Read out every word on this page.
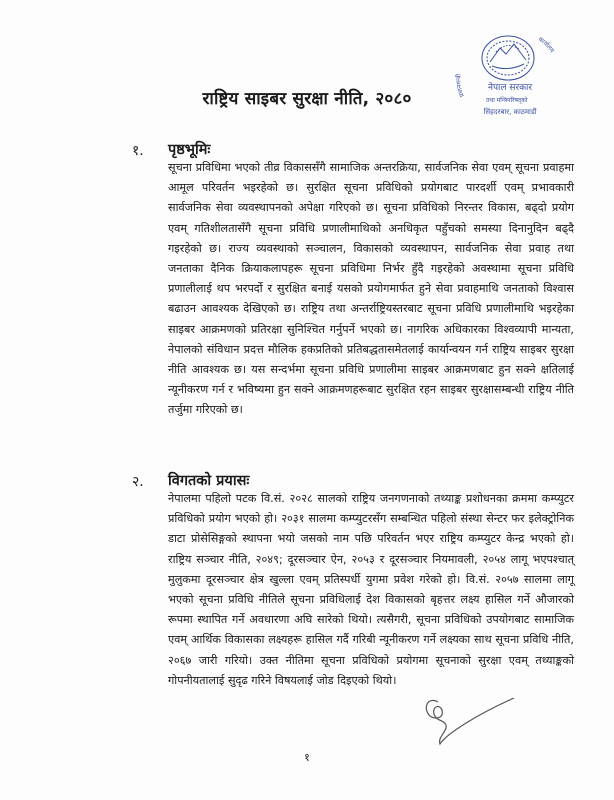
नेपाल सरकार
प्रधानमन्त्री
तथा मन्त्रिपरिषद्को
कार्यालय
सिंहदरबार, काठमाडौं
राष्ट्रिय साइबर सुरक्षा नीति, २०८०
१. पृष्ठभूमिः
सूचना प्रविधिमा भएको तीव्र विकाससँगै सामाजिक अन्तरक्रिया, सार्वजनिक सेवा एवम् सूचना प्रवाहमा आमूल परिवर्तन भइरहेको छ। सुरक्षित सूचना प्रविधिको प्रयोगबाट पारदर्शी एवम् प्रभावकारी सार्वजनिक सेवा व्यवस्थापनको अपेक्षा गरिएको छ। सूचना प्रविधिको निरन्तर विकास, बढ्दो प्रयोग एवम् गतिशीलतासँगै सूचना प्रविधि प्रणालीमाथिको अनधिकृत पहुँचको समस्या दिनानुदिन बढ्दै गइरहेको छ। राज्य व्यवस्थाको सञ्चालन, विकासको व्यवस्थापन, सार्वजनिक सेवा प्रवाह तथा जनताका दैनिक क्रियाकलापहरू सूचना प्रविधिमा निर्भर हुँदै गइरहेको अवस्थामा सूचना प्रविधि प्रणालीलाई थप भरपर्दो र सुरक्षित बनाई यसको प्रयोगमार्फत हुने सेवा प्रवाहमाथि जनताको विश्वास बढाउन आवश्यक देखिएको छ। राष्ट्रिय तथा अन्तर्राष्ट्रियस्तरबाट सूचना प्रविधि प्रणालीमाथि भइरहेका साइबर आक्रमणको प्रतिरक्षा सुनिश्चित गर्नुपर्ने भएको छ। नागरिक अधिकारका विश्वव्यापी मान्यता, नेपालको संविधान प्रदत्त मौलिक हकप्रतिको प्रतिबद्धतासमेतलाई कार्यान्वयन गर्न राष्ट्रिय साइबर सुरक्षा नीति आवश्यक छ। यस सन्दर्भमा सूचना प्रविधि प्रणालीमा साइबर आक्रमणबाट हुन सक्ने क्षतिलाई न्यूनीकरण गर्न र भविष्यमा हुन सक्ने आक्रमणहरूबाट सुरक्षित रहन साइबर सुरक्षासम्बन्धी राष्ट्रिय नीति तर्जुमा गरिएको छ।
२. विगतको प्रयासः
नेपालमा पहिलो पटक वि.सं. २०२८ सालको राष्ट्रिय जनगणनाको तथ्याङ्क प्रशोधनका क्रममा कम्प्युटर प्रविधिको प्रयोग भएको हो। २०३१ सालमा कम्प्युटरसँग सम्बन्धित पहिलो संस्था सेन्टर फर इलेक्ट्रोनिक डाटा प्रोसेसिङ्गको स्थापना भयो जसको नाम पछि परिवर्तन भएर राष्ट्रिय कम्प्युटर केन्द्र भएको हो। राष्ट्रिय सञ्चार नीति, २०४९; दूरसञ्चार ऐन, २०५३ र दूरसञ्चार नियमावली, २०५४ लागू भएपश्चात् मुलुकमा दूरसञ्चार क्षेत्र खुल्ला एवम् प्रतिस्पर्धी युगमा प्रवेश गरेको हो। वि.सं. २०५७ सालमा लागू भएको सूचना प्रविधि नीतिले सूचना प्रविधिलाई देश विकासको बृहत्तर लक्ष्य हासिल गर्ने औजारको रूपमा स्थापित गर्ने अवधारणा अघि सारेको थियो। त्यसैगरी, सूचना प्रविधिको उपयोगबाट सामाजिक एवम् आर्थिक विकासका लक्ष्यहरू हासिल गर्दै गरिबी न्यूनीकरण गर्ने लक्ष्यका साथ सूचना प्रविधि नीति, २०६७ जारी गरियो। उक्त नीतिमा सूचना प्रविधिको प्रयोगमा सूचनाको सुरक्षा एवम् तथ्याङ्कको गोपनीयतालाई सुदृढ गरिने विषयलाई जोड दिइएको थियो।
१
